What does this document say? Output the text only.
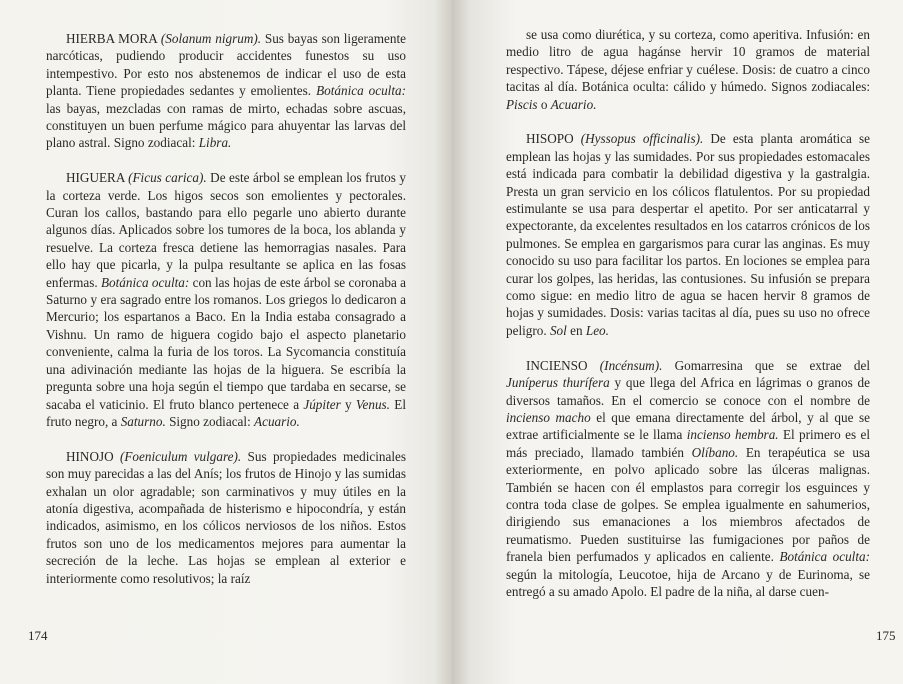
HIERBA MORA (Solanum nigrum). Sus bayas son ligeramente narcóticas, pudiendo producir accidentes funestos su uso intempestivo. Por esto nos abstenemos de indicar el uso de esta planta. Tiene propiedades sedantes y emolientes. Botánica oculta: las bayas, mezcladas con ramas de mirto, echadas sobre ascuas, constituyen un buen perfume mágico para ahuyentar las larvas del plano astral. Signo zodiacal: Libra.

HIGUERA (Ficus carica). De este árbol se emplean los frutos y la corteza verde. Los higos secos son emolientes y pectorales. Curan los callos, bastando para ello pegarle uno abierto durante algunos días. Aplicados sobre los tumores de la boca, los ablanda y resuelve. La corteza fresca detiene las hemorragias nasales. Para ello hay que picarla, y la pulpa resultante se aplica en las fosas enfermas. Botánica oculta: con las hojas de este árbol se coronaba a Saturno y era sagrado entre los romanos. Los griegos lo dedicaron a Mercurio; los espartanos a Baco. En la India estaba consagrado a Vishnu. Un ramo de higuera cogido bajo el aspecto planetario conveniente, calma la furia de los toros. La Sycomancia constituía una adivinación mediante las hojas de la higuera. Se escribía la pregunta sobre una hoja según el tiempo que tardaba en secarse, se sacaba el vaticinio. El fruto blanco pertenece a Júpiter y Venus. El fruto negro, a Saturno. Signo zodiacal: Acuario.

HINOJO (Foeniculum vulgare). Sus propiedades medicinales son muy parecidas a las del Anís; los frutos de Hinojo y las sumidas exhalan un olor agradable; son carminativos y muy útiles en la atonía digestiva, acompañada de histerismo e hipocondría, y están indicados, asimismo, en los cólicos nerviosos de los niños. Estos frutos son uno de los medicamentos mejores para aumentar la secreción de la leche. Las hojas se emplean al exterior e interiormente como resolutivos; la raíz

174

se usa como diurética, y su corteza, como aperitiva. Infusión: en medio litro de agua hagánse hervir 10 gramos de material respectivo. Tápese, déjese enfriar y cuélese. Dosis: de cuatro a cinco tacitas al día. Botánica oculta: cálido y húmedo. Signos zodiacales: Piscis o Acuario.

HISOPO (Hyssopus officinalis). De esta planta aromática se emplean las hojas y las sumidades. Por sus propiedades estomacales está indicada para combatir la debilidad digestiva y la gastralgia. Presta un gran servicio en los cólicos flatulentos. Por su propiedad estimulante se usa para despertar el apetito. Por ser anticatarral y expectorante, da excelentes resultados en los catarros crónicos de los pulmones. Se emplea en gargarismos para curar las anginas. Es muy conocido su uso para facilitar los partos. En lociones se emplea para curar los golpes, las heridas, las contusiones. Su infusión se prepara como sigue: en medio litro de agua se hacen hervir 8 gramos de hojas y sumidades. Dosis: varias tacitas al día, pues su uso no ofrece peligro. Sol en Leo.

INCIENSO (Incénsum). Gomarresina que se extrae del Juníperus thurífera y que llega del Africa en lágrimas o granos de diversos tamaños. En el comercio se conoce con el nombre de incienso macho el que emana directamente del árbol, y al que se extrae artificialmente se le llama incienso hembra. El primero es el más preciado, llamado también Olíbano. En terapéutica se usa exteriormente, en polvo aplicado sobre las úlceras malignas. También se hacen con él emplastos para corregir los esguinces y contra toda clase de golpes. Se emplea igualmente en sahumerios, dirigiendo sus emanaciones a los miembros afectados de reumatismo. Pueden sustituirse las fumigaciones por paños de franela bien perfumados y aplicados en caliente. Botánica oculta: según la mitología, Leucotoe, hija de Arcano y de Eurinoma, se entregó a su amado Apolo. El padre de la niña, al darse cuen-

175
